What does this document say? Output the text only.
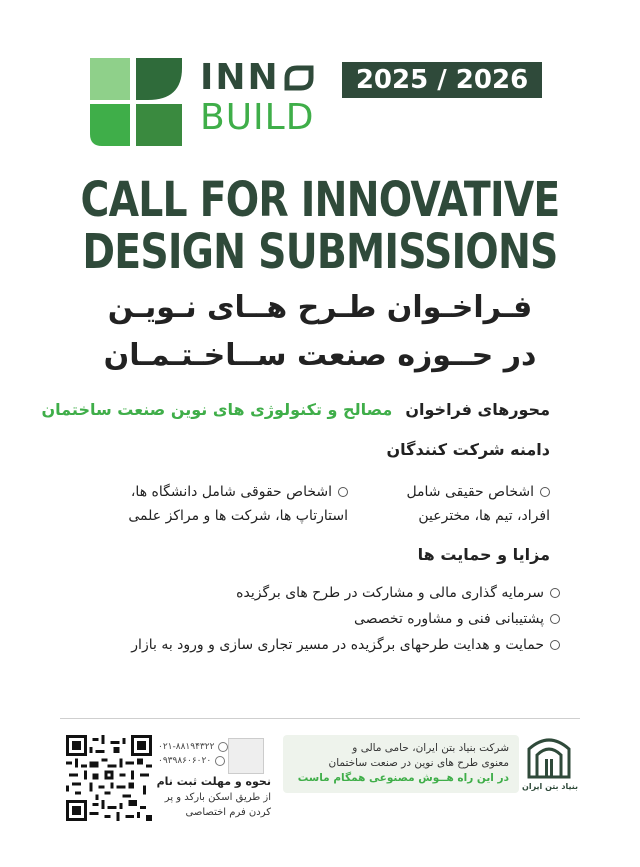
INN
BUILD
2025 / 2026
CALL FOR INNOVATIVE
DESIGN SUBMISSIONS
فـراخـوان طـرح هــای نـویـن
در حــوزه صنعت ســاخـتـمـان
محورهای فراخوان مصالح و تکنولوژی های نوین صنعت ساختمان
دامنه شرکت کنندگان
اشخاص حقیقی شامل
افراد، تیم ها، مخترعین
اشخاص حقوقی شامل دانشگاه ها،
استارتاپ ها، شرکت ها و مراکز علمی
مزایا و حمایت ها
سرمایه گذاری مالی و مشارکت در طرح های برگزیده
پشتیبانی فنی و مشاوره تخصصی
حمایت و هدایت طرحهای برگزیده در مسیر تجاری سازی و ورود به بازار
۰۲۱-۸۸۱۹۴۳۲۲
۰۹۳۹۸۶۰۶۰۲۰
نحوه و مهلت ثبت نام
از طریق اسکن بارکد و پر کردن فرم اختصاصی
شرکت بنیاد بتن ایران، حامی مالی و
معنوی طرح های نوین در صنعت ساختمان
در این راه هــوش مصنوعی همگام ماست
بنیاد بتن ایران
